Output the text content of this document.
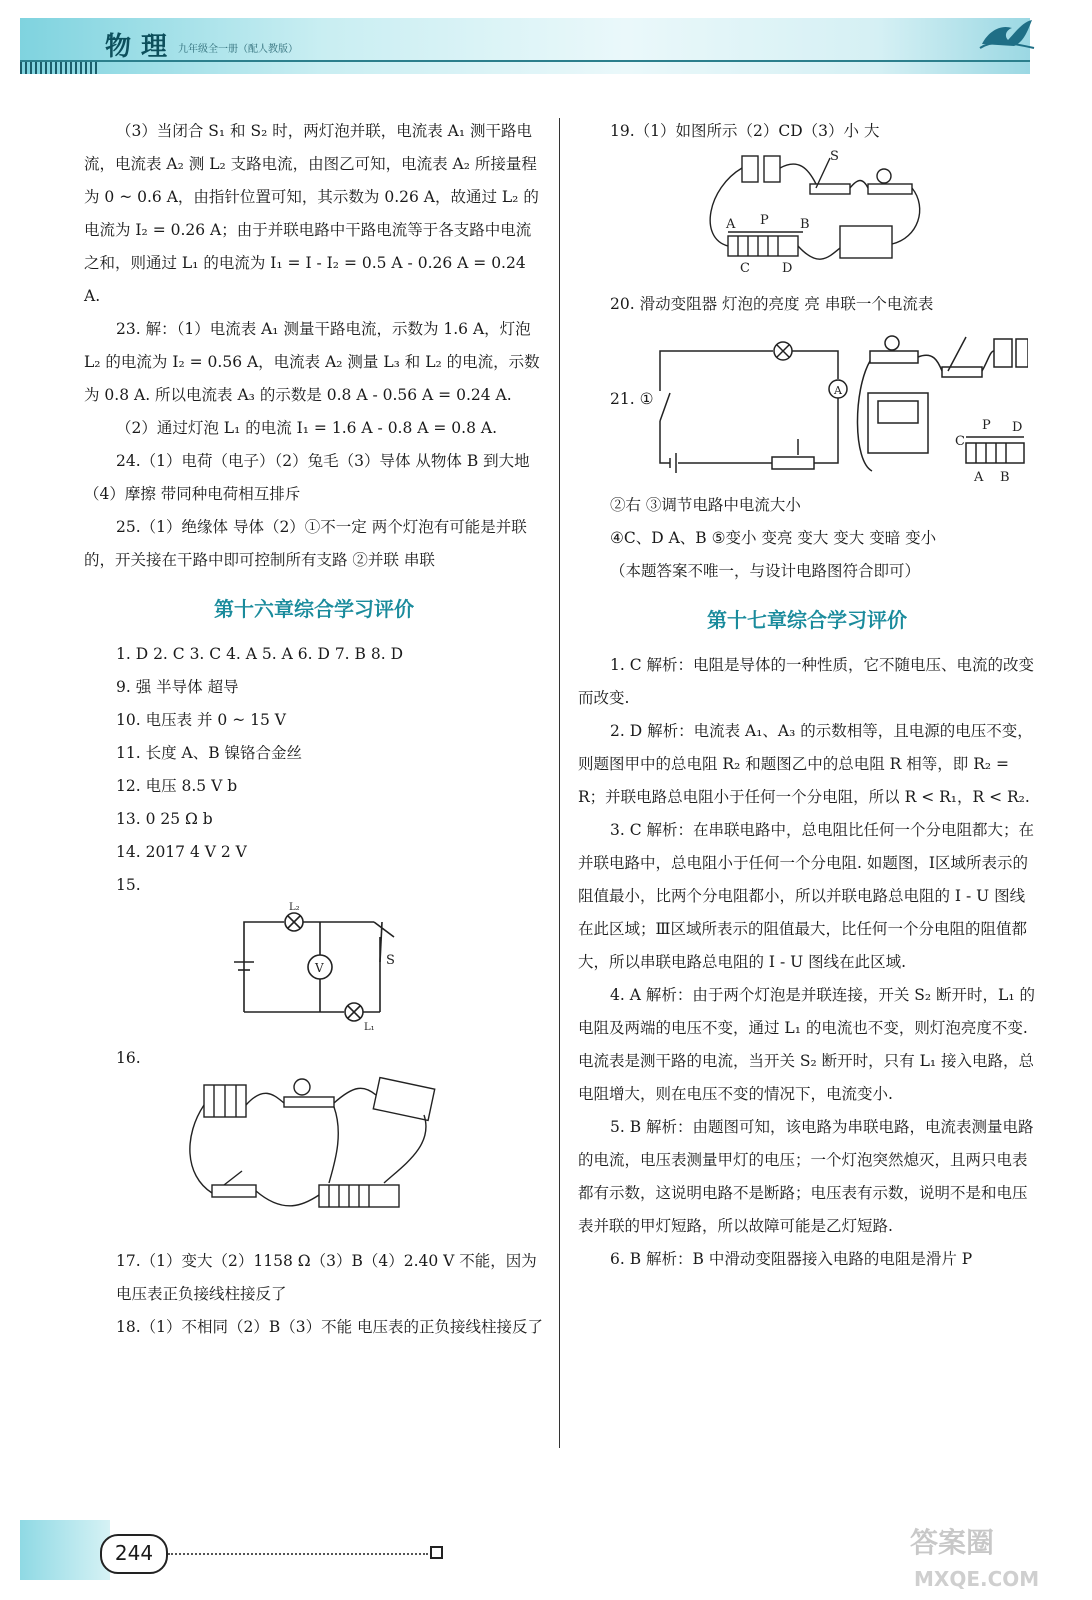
物理 九年级全一册（配人教版）

（3）当闭合 S₁ 和 S₂ 时，两灯泡并联，电流表 A₁ 测干路电流，电流表 A₂ 测 L₂ 支路电流，由图乙可知，电流表 A₂ 所接量程为 0 ~ 0.6 A，由指针位置可知，其示数为 0.26 A，故通过 L₂ 的电流为 I₂ = 0.26 A；由于并联电路中干路电流等于各支路中电流之和，则通过 L₁ 的电流为 I₁ = I - I₂ = 0.5 A - 0.26 A = 0.24 A.

23. 解：（1）电流表 A₁ 测量干路电流，示数为 1.6 A，灯泡 L₂ 的电流为 I₂ = 0.56 A，电流表 A₂ 测量 L₃ 和 L₂ 的电流，示数为 0.8 A. 所以电流表 A₃ 的示数是 0.8 A - 0.56 A = 0.24 A.

（2）通过灯泡 L₁ 的电流 I₁ = 1.6 A - 0.8 A = 0.8 A.

24.（1）电荷（电子）（2）兔毛（3）导体 从物体 B 到大地（4）摩擦 带同种电荷相互排斥

25.（1）绝缘体 导体（2）①不一定 两个灯泡有可能是并联的，开关接在干路中即可控制所有支路 ②并联 串联

第十六章综合学习评价

1. D 2. C 3. C 4. A 5. A 6. D 7. B 8. D

9. 强 半导体 超导

10. 电压表 并 0 ~ 15 V

11. 长度 A、B 镍铬合金丝

12. 电压 8.5 V b

13. 0 25 Ω b

14. 2017 4 V 2 V

15.

V
L₂
L₁
S

16.

17.（1）变大（2）1158 Ω（3）B（4）2.40 V 不能，因为电压表正负接线柱接反了

18.（1）不相同（2）B（3）不能 电压表的正负接线柱接反了

19.（1）如图所示（2）CD（3）小 大

S
A P B
C D

20. 滑动变阻器 灯泡的亮度 亮 串联一个电流表

21. ①	A
C
P D
A B

②右 ③调节电路中电流大小

④C、D A、B ⑤变小 变亮 变大 变大 变暗 变小

（本题答案不唯一，与设计电路图符合即可）

第十七章综合学习评价

1. C 解析：电阻是导体的一种性质，它不随电压、电流的改变而改变.

2. D 解析：电流表 A₁、A₃ 的示数相等，且电源的电压不变，则题图甲中的总电阻 R₂ 和题图乙中的总电阻 R 相等，即 R₂ = R；并联电路总电阻小于任何一个分电阻，所以 R < R₁，R < R₂.

3. C 解析：在串联电路中，总电阻比任何一个分电阻都大；在并联电路中，总电阻小于任何一个分电阻. 如题图，Ⅰ区域所表示的阻值最小，比两个分电阻都小，所以并联电路总电阻的 I - U 图线在此区域；Ⅲ区域所表示的阻值最大，比任何一个分电阻的阻值都大，所以串联电路总电阻的 I - U 图线在此区域.

4. A 解析：由于两个灯泡是并联连接，开关 S₂ 断开时，L₁ 的电阻及两端的电压不变，通过 L₁ 的电流也不变，则灯泡亮度不变. 电流表是测干路的电流，当开关 S₂ 断开时，只有 L₁ 接入电路，总电阻增大，则在电压不变的情况下，电流变小.

5. B 解析：由题图可知，该电路为串联电路，电流表测量电路的电流，电压表测量甲灯的电压；一个灯泡突然熄灭，且两只电表都有示数，这说明电路不是断路；电压表有示数，说明不是和电压表并联的甲灯短路，所以故障可能是乙灯短路.

6. B 解析：B 中滑动变阻器接入电路的电阻是滑片 P

244	答案圈
MXQE.COM
